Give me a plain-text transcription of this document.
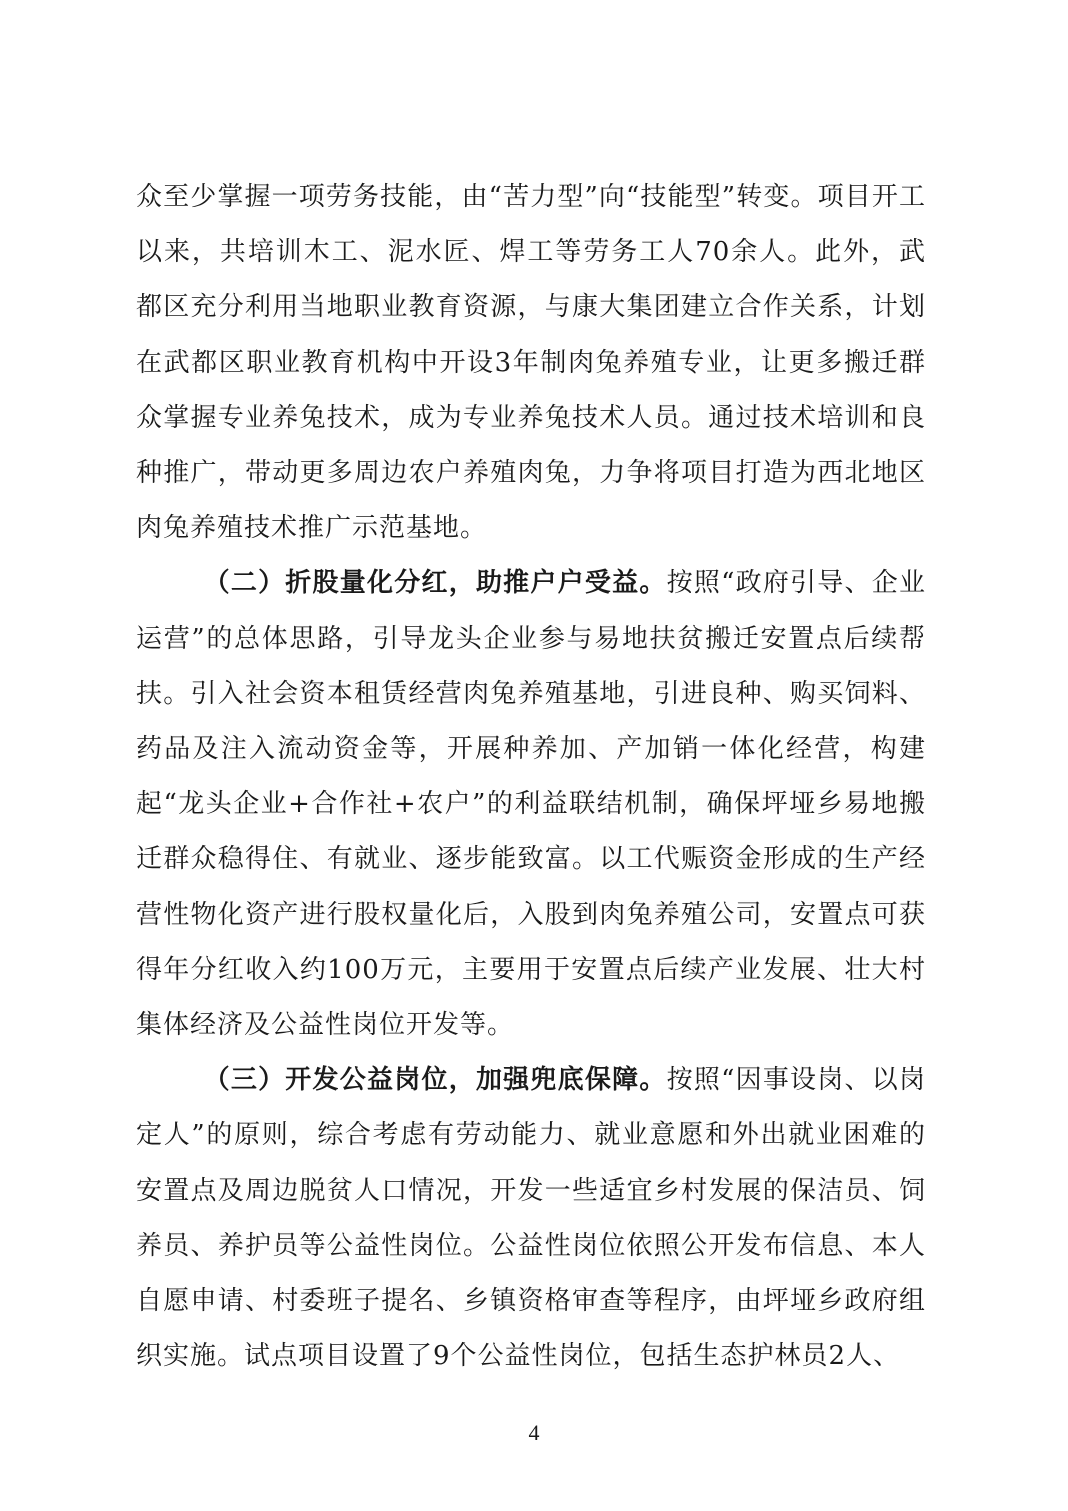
众至少掌握一项劳务技能，由“苦力型”向“技能型”转变。项目开工以来，共培训木工、泥水匠、焊工等劳务工人70余人。此外，武都区充分利用当地职业教育资源，与康大集团建立合作关系，计划在武都区职业教育机构中开设3年制肉兔养殖专业，让更多搬迁群众掌握专业养兔技术，成为专业养兔技术人员。通过技术培训和良种推广，带动更多周边农户养殖肉兔，力争将项目打造为西北地区肉兔养殖技术推广示范基地。

（二）折股量化分红，助推户户受益。按照“政府引导、企业运营”的总体思路，引导龙头企业参与易地扶贫搬迁安置点后续帮扶。引入社会资本租赁经营肉兔养殖基地，引进良种、购买饲料、药品及注入流动资金等，开展种养加、产加销一体化经营，构建起“龙头企业+合作社+农户”的利益联结机制，确保坪垭乡易地搬迁群众稳得住、有就业、逐步能致富。以工代赈资金形成的生产经营性物化资产进行股权量化后，入股到肉兔养殖公司，安置点可获得年分红收入约100万元，主要用于安置点后续产业发展、壮大村集体经济及公益性岗位开发等。

（三）开发公益岗位，加强兜底保障。按照“因事设岗、以岗定人”的原则，综合考虑有劳动能力、就业意愿和外出就业困难的安置点及周边脱贫人口情况，开发一些适宜乡村发展的保洁员、饲养员、养护员等公益性岗位。公益性岗位依照公开发布信息、本人自愿申请、村委班子提名、乡镇资格审查等程序，由坪垭乡政府组织实施。试点项目设置了9个公益性岗位，包括生态护林员2人、

4
